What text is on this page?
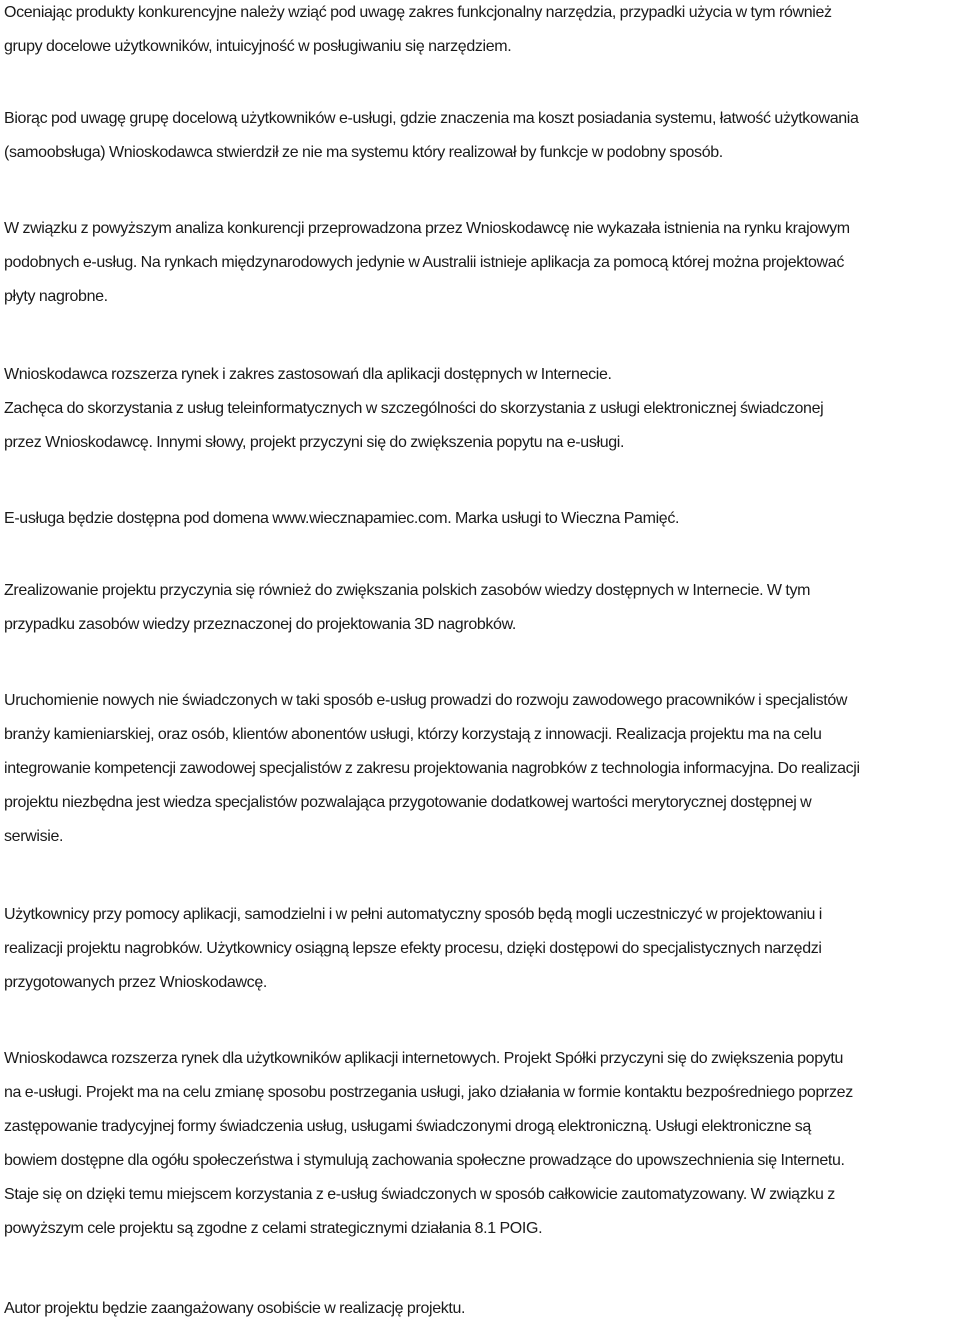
Oceniając produkty konkurencyjne należy wziąć pod uwagę zakres funkcjonalny narzędzia, przypadki użycia w tym również
grupy docelowe użytkowników, intuicyjność w posługiwaniu się narzędziem.

Biorąc pod uwagę grupę docelową użytkowników e-usługi, gdzie znaczenia ma koszt posiadania systemu, łatwość użytkowania
(samoobsługa) Wnioskodawca stwierdził ze nie ma systemu który realizował by funkcje w podobny sposób.

W związku z powyższym analiza konkurencji przeprowadzona przez Wnioskodawcę nie wykazała istnienia na rynku krajowym
podobnych e-usług. Na rynkach międzynarodowych jedynie w Australii istnieje aplikacja za pomocą której można projektować
płyty nagrobne.

Wnioskodawca rozszerza rynek i zakres zastosowań dla aplikacji dostępnych w Internecie.
Zachęca do skorzystania z usług teleinformatycznych w szczególności do skorzystania z usługi elektronicznej świadczonej
przez Wnioskodawcę. Innymi słowy, projekt przyczyni się do zwiększenia popytu na e-usługi.

E-usługa będzie dostępna pod domena www.wiecznapamiec.com. Marka usługi to Wieczna Pamięć.

Zrealizowanie projektu przyczynia się również do zwiększania polskich zasobów wiedzy dostępnych w Internecie. W tym
przypadku zasobów wiedzy przeznaczonej do projektowania 3D nagrobków.

Uruchomienie nowych nie świadczonych w taki sposób e-usług prowadzi do rozwoju zawodowego pracowników i specjalistów
branży kamieniarskiej, oraz osób, klientów abonentów usługi, którzy korzystają z innowacji. Realizacja projektu ma na celu
integrowanie kompetencji zawodowej specjalistów z zakresu projektowania nagrobków z technologia informacyjna. Do realizacji
projektu niezbędna jest wiedza specjalistów pozwalająca przygotowanie dodatkowej wartości merytorycznej dostępnej w
serwisie.

Użytkownicy przy pomocy aplikacji, samodzielni i w pełni automatyczny sposób będą mogli uczestniczyć w projektowaniu i
realizacji projektu nagrobków. Użytkownicy osiągną lepsze efekty procesu, dzięki dostępowi do specjalistycznych narzędzi
przygotowanych przez Wnioskodawcę.

Wnioskodawca rozszerza rynek dla użytkowników aplikacji internetowych. Projekt Spółki przyczyni się do zwiększenia popytu
na e-usługi. Projekt ma na celu zmianę sposobu postrzegania usługi, jako działania w formie kontaktu bezpośredniego poprzez
zastępowanie tradycyjnej formy świadczenia usług, usługami świadczonymi drogą elektroniczną. Usługi elektroniczne są
bowiem dostępne dla ogółu społeczeństwa i stymulują zachowania społeczne prowadzące do upowszechnienia się Internetu.
Staje się on dzięki temu miejscem korzystania z e-usług świadczonych w sposób całkowicie zautomatyzowany. W związku z
powyższym cele projektu są zgodne z celami strategicznymi działania 8.1 POIG.

Autor projektu będzie zaangażowany osobiście w realizację projektu.
